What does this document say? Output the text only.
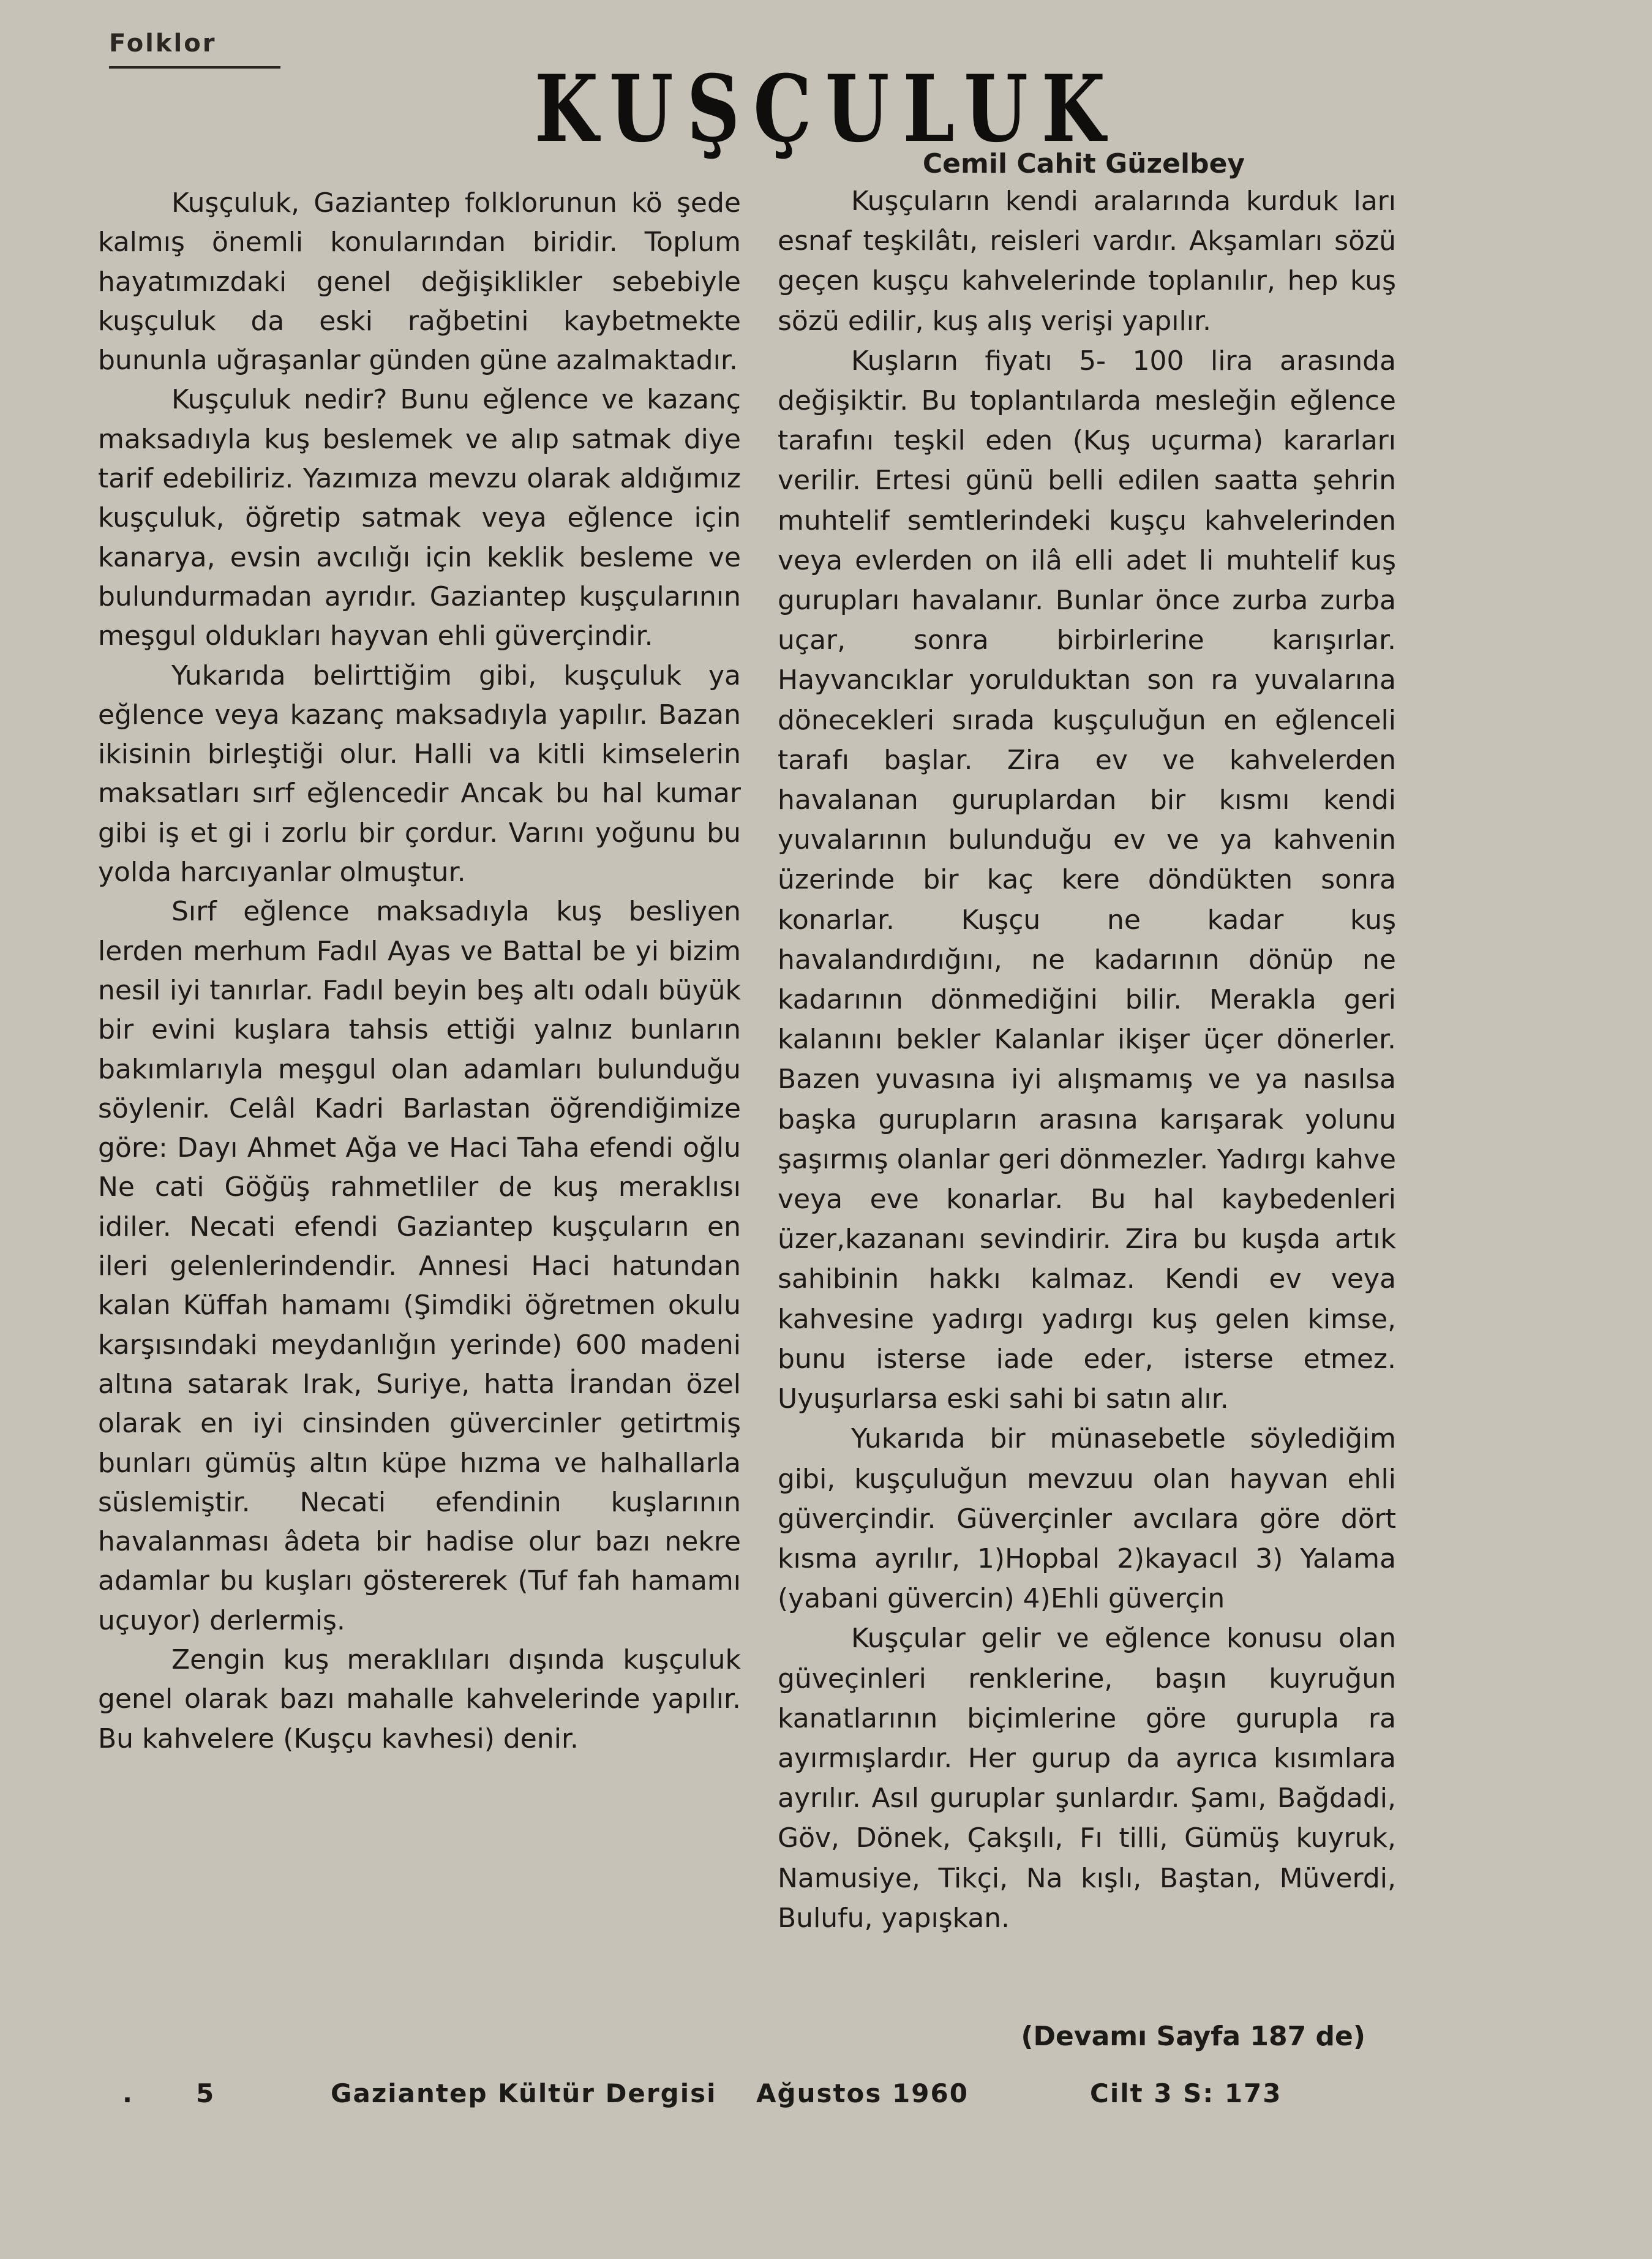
Folklor
KUŞÇULUK
Cemil Cahit Güzelbey

Kuşçuluk, Gaziantep folklorunun kö şede kalmış önemli konularından biridir. Toplum hayatımızdaki genel değişiklikler sebebiyle kuşçuluk da eski rağbetini kaybetmekte bununla uğraşanlar günden güne azalmaktadır.

Kuşçuluk nedir? Bunu eğlence ve kazanç maksadıyla kuş beslemek ve alıp satmak diye tarif edebiliriz. Yazımıza mevzu olarak aldığımız kuşçuluk, öğretip satmak veya eğlence için kanarya, evsin avcılığı için keklik besleme ve bulundurmadan ayrıdır. Gaziantep kuşçularının meşgul oldukları hayvan ehli güverçindir.

Yukarıda belirttiğim gibi, kuşçuluk ya eğlence veya kazanç maksadıyla yapılır. Bazan ikisinin birleştiği olur. Halli va kitli kimselerin maksatları sırf eğlencedir Ancak bu hal kumar gibi iş et gi i zorlu bir çordur. Varını yoğunu bu yolda harcıyanlar olmuştur.

Sırf eğlence maksadıyla kuş besliyen lerden merhum Fadıl Ayas ve Battal be yi bizim nesil iyi tanırlar. Fadıl beyin beş altı odalı büyük bir evini kuşlara tahsis ettiği yalnız bunların bakımlarıyla meşgul olan adamları bulunduğu söylenir. Celâl Kadri Barlastan öğrendiğimize göre: Dayı Ahmet Ağa ve Haci Taha efendi oğlu Ne cati Göğüş rahmetliler de kuş meraklısı idiler. Necati efendi Gaziantep kuşçuların en ileri gelenlerindendir. Annesi Haci hatundan kalan Küffah hamamı (Şimdiki öğretmen okulu karşısındaki meydanlığın yerinde) 600 madeni altına satarak Irak, Suriye, hatta İrandan özel olarak en iyi cinsinden güvercinler getirtmiş bunları gümüş altın küpe hızma ve halhallarla süslemiştir. Necati efendinin kuşlarının havalanması âdeta bir hadise olur bazı nekre adamlar bu kuşları göstererek (Tuf fah hamamı uçuyor) derlermiş.

Zengin kuş meraklıları dışında kuşçuluk genel olarak bazı mahalle kahvelerinde yapılır. Bu kahvelere (Kuşçu kavhesi) denir.

Kuşçuların kendi aralarında kurduk ları esnaf teşkilâtı, reisleri vardır. Akşamları sözü geçen kuşçu kahvelerinde toplanılır, hep kuş sözü edilir, kuş alış verişi yapılır.

Kuşların fiyatı 5- 100 lira arasında değişiktir. Bu toplantılarda mesleğin eğlence tarafını teşkil eden (Kuş uçurma) kararları verilir. Ertesi günü belli edilen saatta şehrin muhtelif semtlerindeki kuşçu kahvelerinden veya evlerden on ilâ elli adet li muhtelif kuş gurupları havalanır. Bunlar önce zurba zurba uçar, sonra birbirlerine karışırlar. Hayvancıklar yorulduktan son ra yuvalarına dönecekleri sırada kuşçuluğun en eğlenceli tarafı başlar. Zira ev ve kahvelerden havalanan guruplardan bir kısmı kendi yuvalarının bulunduğu ev ve ya kahvenin üzerinde bir kaç kere döndükten sonra konarlar. Kuşçu ne kadar kuş havalandırdığını, ne kadarının dönüp ne kadarının dönmediğini bilir. Merakla geri kalanını bekler Kalanlar ikişer üçer dönerler. Bazen yuvasına iyi alışmamış ve ya nasılsa başka gurupların arasına karışarak yolunu şaşırmış olanlar geri dönmezler. Yadırgı kahve veya eve konarlar. Bu hal kaybedenleri üzer,kazananı sevindirir. Zira bu kuşda artık sahibinin hakkı kalmaz. Kendi ev veya kahvesine yadırgı yadırgı kuş gelen kimse, bunu isterse iade eder, isterse etmez. Uyuşurlarsa eski sahi bi satın alır.

Yukarıda bir münasebetle söylediğim gibi, kuşçuluğun mevzuu olan hayvan ehli güverçindir. Güverçinler avcılara göre dört kısma ayrılır, 1)Hopbal 2)kayacıl 3) Yalama (yabani güvercin) 4)Ehli güverçin

Kuşçular gelir ve eğlence konusu olan güveçinleri renklerine, başın kuyruğun kanatlarının biçimlerine göre gurupla ra ayırmışlardır. Her gurup da ayrıca kısımlara ayrılır. Asıl guruplar şunlardır. Şamı, Bağdadi, Göv, Dönek, Çakşılı, Fı tilli, Gümüş kuyruk, Namusiye, Tikçi, Na kışlı, Baştan, Müverdi, Bulufu, yapışkan.

(Devamı Sayfa 187 de)
. 5	Gaziantep Kültür Dergisi Ağustos 1960	Cilt 3 S: 173
